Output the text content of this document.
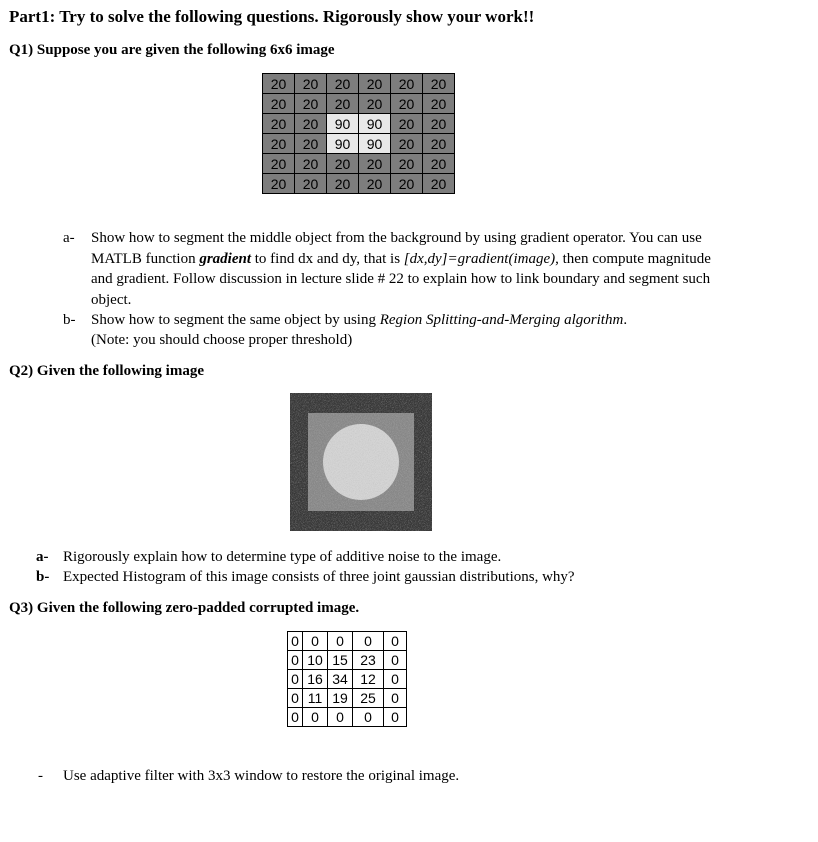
Part1: Try to solve the following questions. Rigorously show your work!!
Q1) Suppose you are given the following 6x6 image
20	20	20	20	20	20
20	20	20	20	20	20
20	20	90	90	20	20
20	20	90	90	20	20
20	20	20	20	20	20
20	20	20	20	20	20
a- Show how to segment the middle object from the background by using gradient operator. You can use MATLB function gradient to find dx and dy, that is [dx,dy]=gradient(image), then compute magnitude and gradient. Follow discussion in lecture slide # 22 to explain how to link boundary and segment such object.
b- Show how to segment the same object by using Region Splitting-and-Merging algorithm.
(Note: you should choose proper threshold)
Q2) Given the following image
a- Rigorously explain how to determine type of additive noise to the image.
b- Expected Histogram of this image consists of three joint gaussian distributions, why?
Q3) Given the following zero-padded corrupted image.
0	0	0	0	0
0	10	15	23	0
0	16	34	12	0
0	11	19	25	0
0	0	0	0	0
- Use adaptive filter with 3x3 window to restore the original image.
